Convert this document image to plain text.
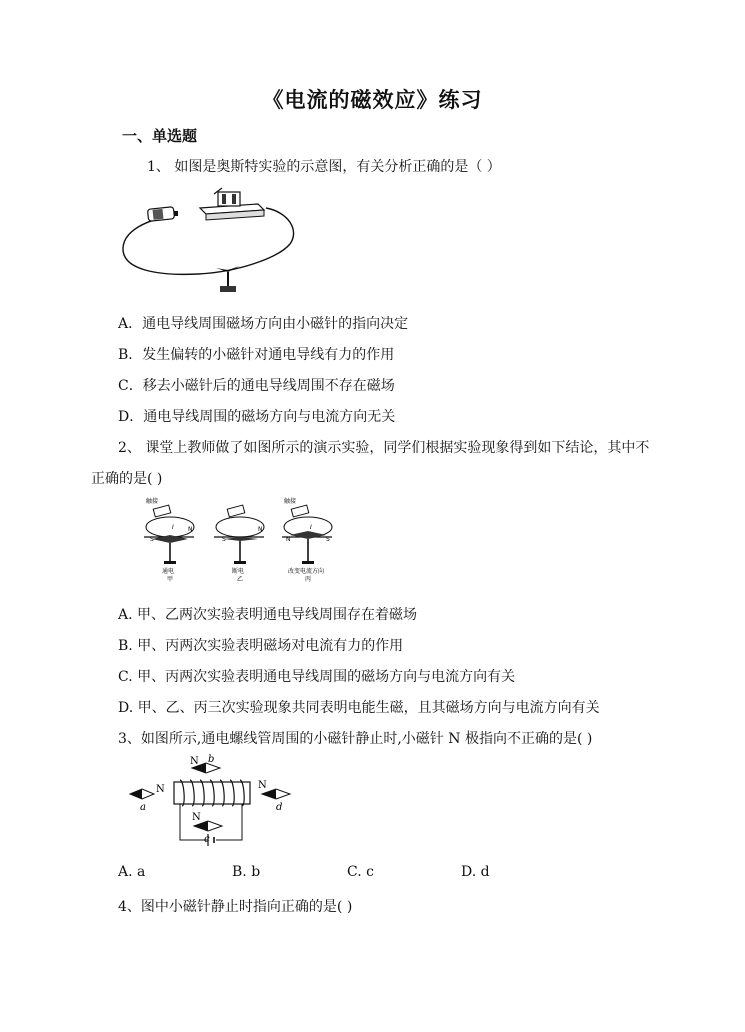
《电流的磁效应》练习
一、单选题
1、 如图是奥斯特实验的示意图，有关分析正确的是（ ）
A．通电导线周围磁场方向由小磁针的指向决定
B．发生偏转的小磁针对通电导线有力的作用
C．移去小磁针后的通电导线周围不存在磁场
D．通电导线周围的磁场方向与电流方向无关
2、 课堂上教师做了如图所示的演示实验，同学们根据实验现象得到如下结论，其中不
正确的是( )
触接
S
N
I
通电
甲
S
N
断电
乙
触接
N	S
I
改变电流方向
丙
A. 甲、乙两次实验表明通电导线周围存在着磁场
B. 甲、丙两次实验表明磁场对电流有力的作用
C. 甲、丙两次实验表明通电导线周围的磁场方向与电流方向有关
D. 甲、乙、丙三次实验现象共同表明电能生磁，且其磁场方向与电流方向有关
3、如图所示,通电螺线管周围的小磁针静止时,小磁针 N 极指向不正确的是( )
N
a
N b
N
c
N
d
A. a	B. b	C. c	D. d
4、图中小磁针静止时指向正确的是( )
